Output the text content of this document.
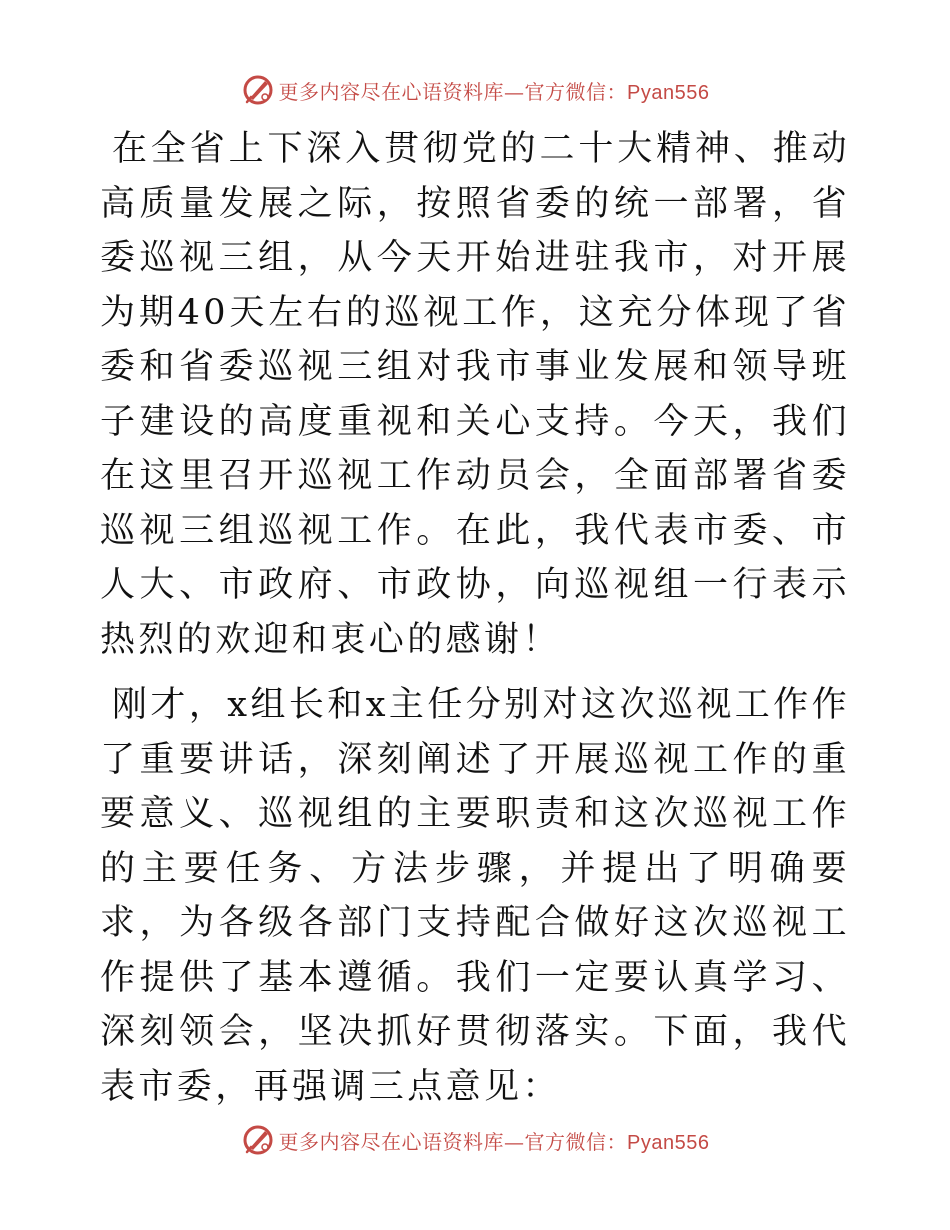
更多内容尽在心语资料库—官方微信：Pyan556

在全省上下深入贯彻党的二十大精神、推动高质量发展之际，按照省委的统一部署，省委巡视三组，从今天开始进驻我市，对开展为期40天左右的巡视工作，这充分体现了省委和省委巡视三组对我市事业发展和领导班子建设的高度重视和关心支持。今天，我们在这里召开巡视工作动员会，全面部署省委巡视三组巡视工作。在此，我代表市委、市人大、市政府、市政协，向巡视组一行表示热烈的欢迎和衷心的感谢！

刚才，x组长和x主任分别对这次巡视工作作了重要讲话，深刻阐述了开展巡视工作的重要意义、巡视组的主要职责和这次巡视工作的主要任务、方法步骤，并提出了明确要求，为各级各部门支持配合做好这次巡视工作提供了基本遵循。我们一定要认真学习、深刻领会，坚决抓好贯彻落实。下面，我代表市委，再强调三点意见：

更多内容尽在心语资料库—官方微信：Pyan556
